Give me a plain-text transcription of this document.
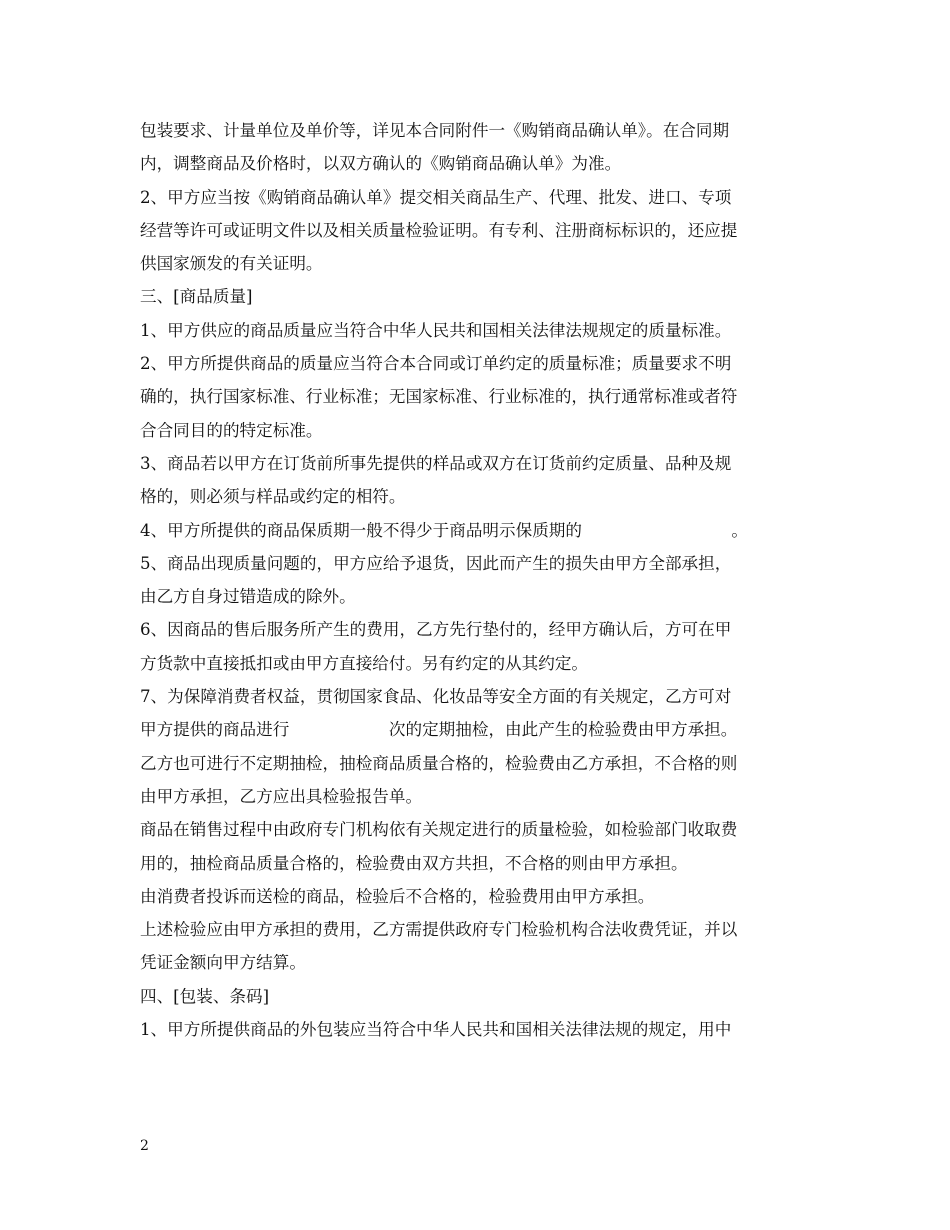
包装要求、计量单位及单价等，详见本合同附件一《购销商品确认单》。在合同期
内，调整商品及价格时，以双方确认的《购销商品确认单》为准。
2、甲方应当按《购销商品确认单》提交相关商品生产、代理、批发、进口、专项
经营等许可或证明文件以及相关质量检验证明。有专利、注册商标标识的，还应提
供国家颁发的有关证明。
三、[商品质量]
1、甲方供应的商品质量应当符合中华人民共和国相关法律法规规定的质量标准。
2、甲方所提供商品的质量应当符合本合同或订单约定的质量标准；质量要求不明
确的，执行国家标准、行业标准；无国家标准、行业标准的，执行通常标准或者符
合合同目的的特定标准。
3、商品若以甲方在订货前所事先提供的样品或双方在订货前约定质量、品种及规
格的，则必须与样品或约定的相符。
4、甲方所提供的商品保质期一般不得少于商品明示保质期的　　　　　　　　　。
5、商品出现质量问题的，甲方应给予退货，因此而产生的损失由甲方全部承担，
由乙方自身过错造成的除外。
6、因商品的售后服务所产生的费用，乙方先行垫付的，经甲方确认后，方可在甲
方货款中直接抵扣或由甲方直接给付。另有约定的从其约定。
7、为保障消费者权益，贯彻国家食品、化妆品等安全方面的有关规定，乙方可对
甲方提供的商品进行　　　　　　次的定期抽检，由此产生的检验费由甲方承担。
乙方也可进行不定期抽检，抽检商品质量合格的，检验费由乙方承担，不合格的则
由甲方承担，乙方应出具检验报告单。
商品在销售过程中由政府专门机构依有关规定进行的质量检验，如检验部门收取费
用的，抽检商品质量合格的，检验费由双方共担，不合格的则由甲方承担。
由消费者投诉而送检的商品，检验后不合格的，检验费用由甲方承担。
上述检验应由甲方承担的费用，乙方需提供政府专门检验机构合法收费凭证，并以
凭证金额向甲方结算。
四、[包装、条码]
1、甲方所提供商品的外包装应当符合中华人民共和国相关法律法规的规定，用中
2
